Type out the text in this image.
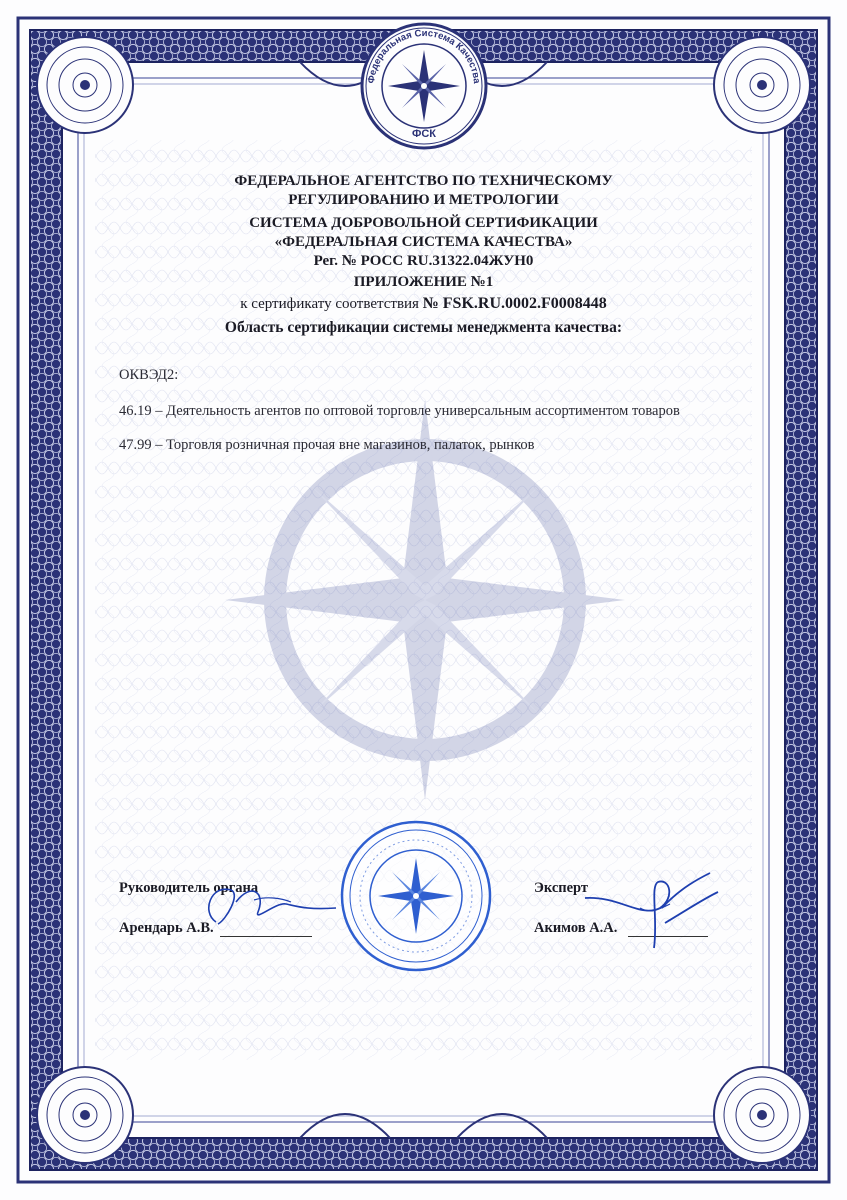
Федеральная Система Качества
ФСК
ФЕДЕРАЛЬНОЕ АГЕНТСТВО ПО ТЕХНИЧЕСКОМУ
РЕГУЛИРОВАНИЮ И МЕТРОЛОГИИ
СИСТЕМА ДОБРОВОЛЬНОЙ СЕРТИФИКАЦИИ
«ФЕДЕРАЛЬНАЯ СИСТЕМА КАЧЕСТВА»
Рег. № РОСС RU.31322.04ЖУН0
ПРИЛОЖЕНИЕ №1
к сертификату соответствия № FSK.RU.0002.F0008448
Область сертификации системы менеджмента качества:

ОКВЭД2:

46.19 – Деятельность агентов по оптовой торговле универсальным ассортиментом товаров

47.99 – Торговля розничная прочая вне магазинов, палаток, рынков

Руководитель органа
Арендарь А.В.
Эксперт
Акимов А.А.
